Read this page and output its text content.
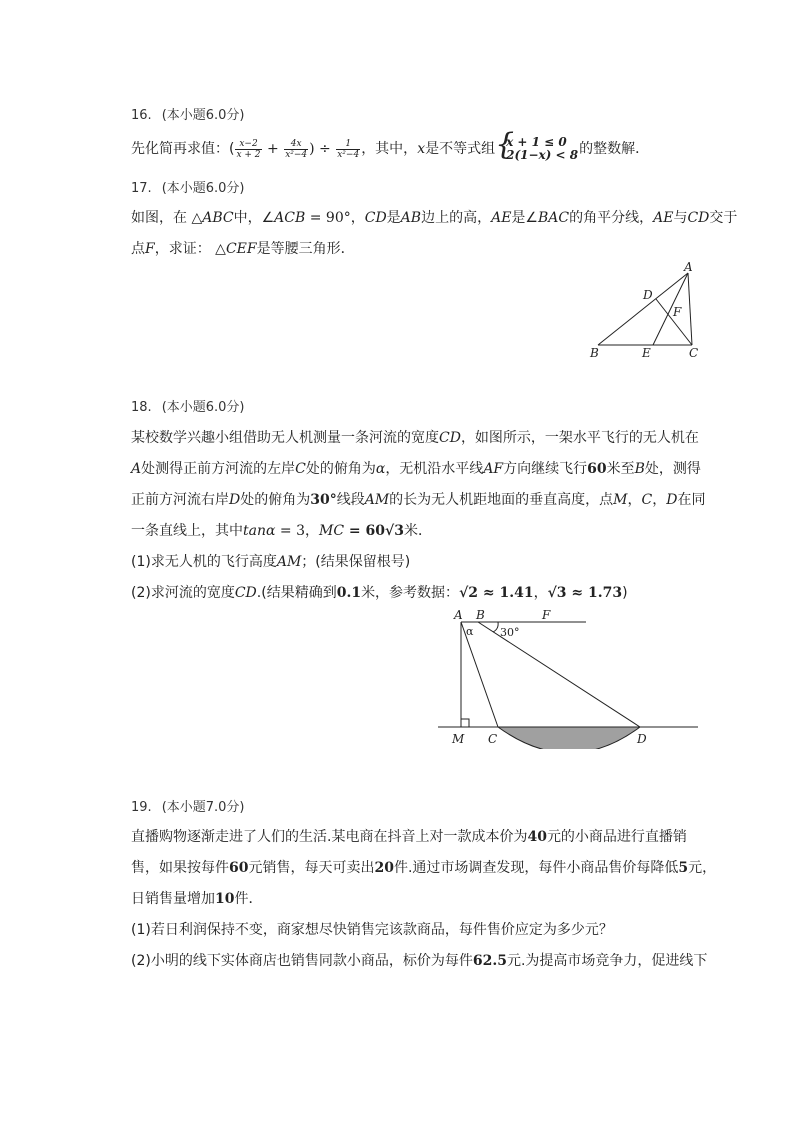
16. (本小题6.0分)
先化简再求值：( $\frac{x-2}{x + 2} + \frac{4x}{\text{x²−4}}$ ) ÷ $\frac{1}{\text{x²−4}}$ ，其中，x是不等式组 {
x + 1 ≤ 0
2(1−x) < 8 的整数解．
17. (本小题6.0分)
如图，在 △ABC中，∠ACB = 90°，CD是AB边上的高，AE是∠BAC的角平分线，AE与CD交于
点F，求证： △CEF是等腰三角形．
A
B	C
D
E
F
18. (本小题6.0分)
某校数学兴趣小组借助无人机测量一条河流的宽度CD，如图所示，一架水平飞行的无人机在
A处测得正前方河流的左岸C处的俯角为α，无机沿水平线AF方向继续飞行60米至B处，测得
正前方河流右岸D处的俯角为30°线段AM的长为无人机距地面的垂直高度，点M，C，D在同
一条直线上，其中tanα = 3，MC = 60√3米．
(1)求无人机的飞行高度AM；(结果保留根号)
(2)求河流的宽度CD.(结果精确到0.1米，参考数据：√2 ≈ 1.41，√3 ≈ 1.73)
A B	F
M C	D
α 30°
19. (本小题7.0分)
直播购物逐渐走进了人们的生活.某电商在抖音上对一款成本价为40元的小商品进行直播销
售，如果按每件60元销售，每天可卖出20件.通过市场调查发现，每件小商品售价每降低5元，
日销售量增加10件．
(1)若日利润保持不变，商家想尽快销售完该款商品，每件售价应定为多少元？
(2)小明的线下实体商店也销售同款小商品，标价为每件62.5元.为提高市场竞争力，促进线下
